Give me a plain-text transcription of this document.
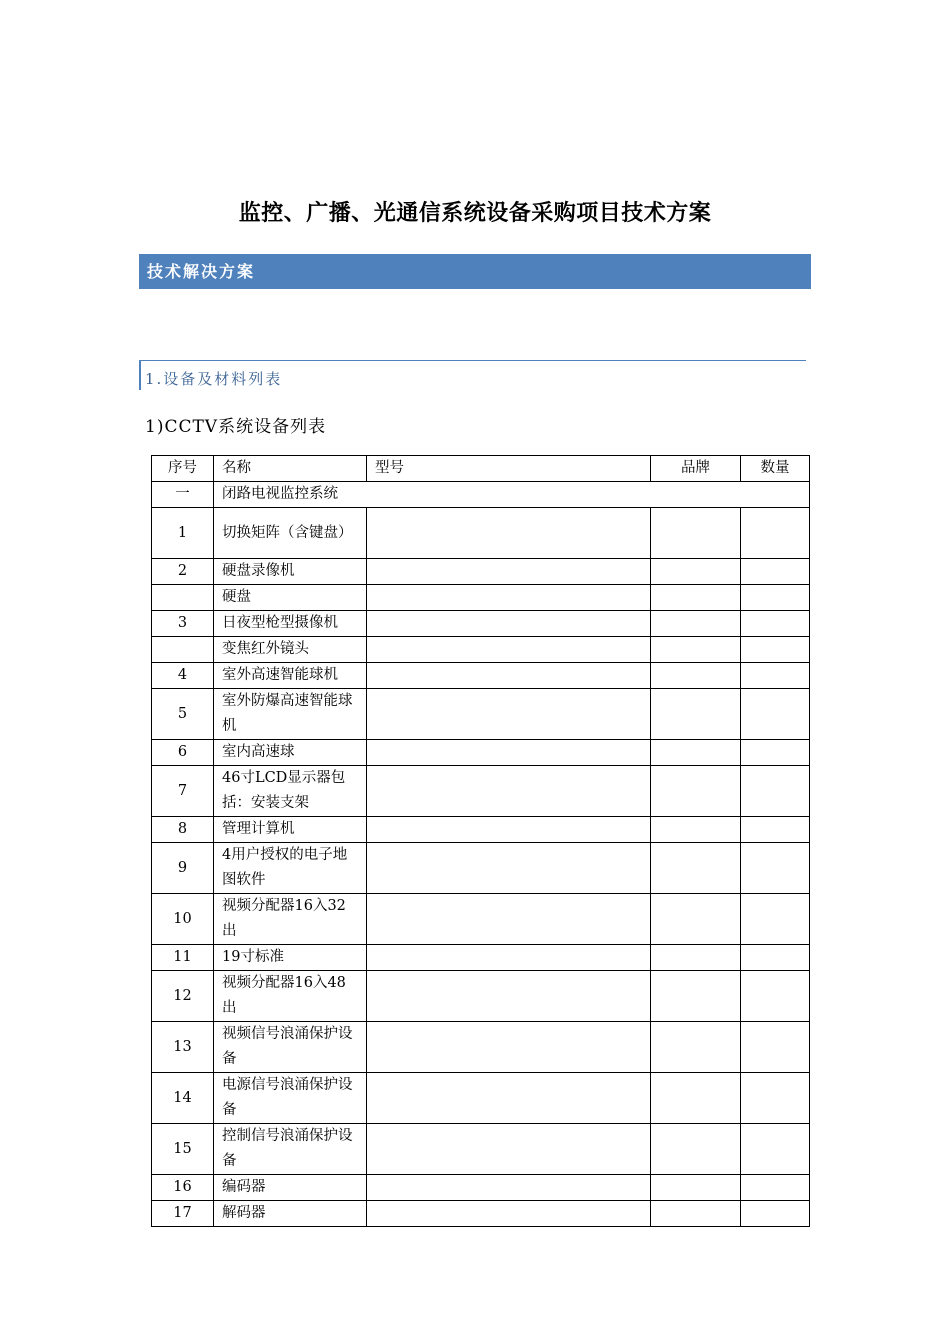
监控、广播、光通信系统设备采购项目技术方案
技术解决方案
1.设备及材料列表
1)CCTV系统设备列表
序号	名称	型号	品牌	数量
一	闭路电视监控系统			
1	切换矩阵（含键盘）			

2	硬盘录像机			

	硬盘			

3	日夜型枪型摄像机			

	变焦红外镜头			

4	室外高速智能球机			

5	室外防爆高速智能球机			

6	室内高速球			

7	46寸LCD显示器包括：安装支架			

8	管理计算机			

9	4用户授权的电子地图软件			

10	视频分配器16入32出			

11	19寸标准			

12	视频分配器16入48出			

13	视频信号浪涌保护设备			

14	电源信号浪涌保护设备			

15	控制信号浪涌保护设备			

16	编码器			

17	解码器			
